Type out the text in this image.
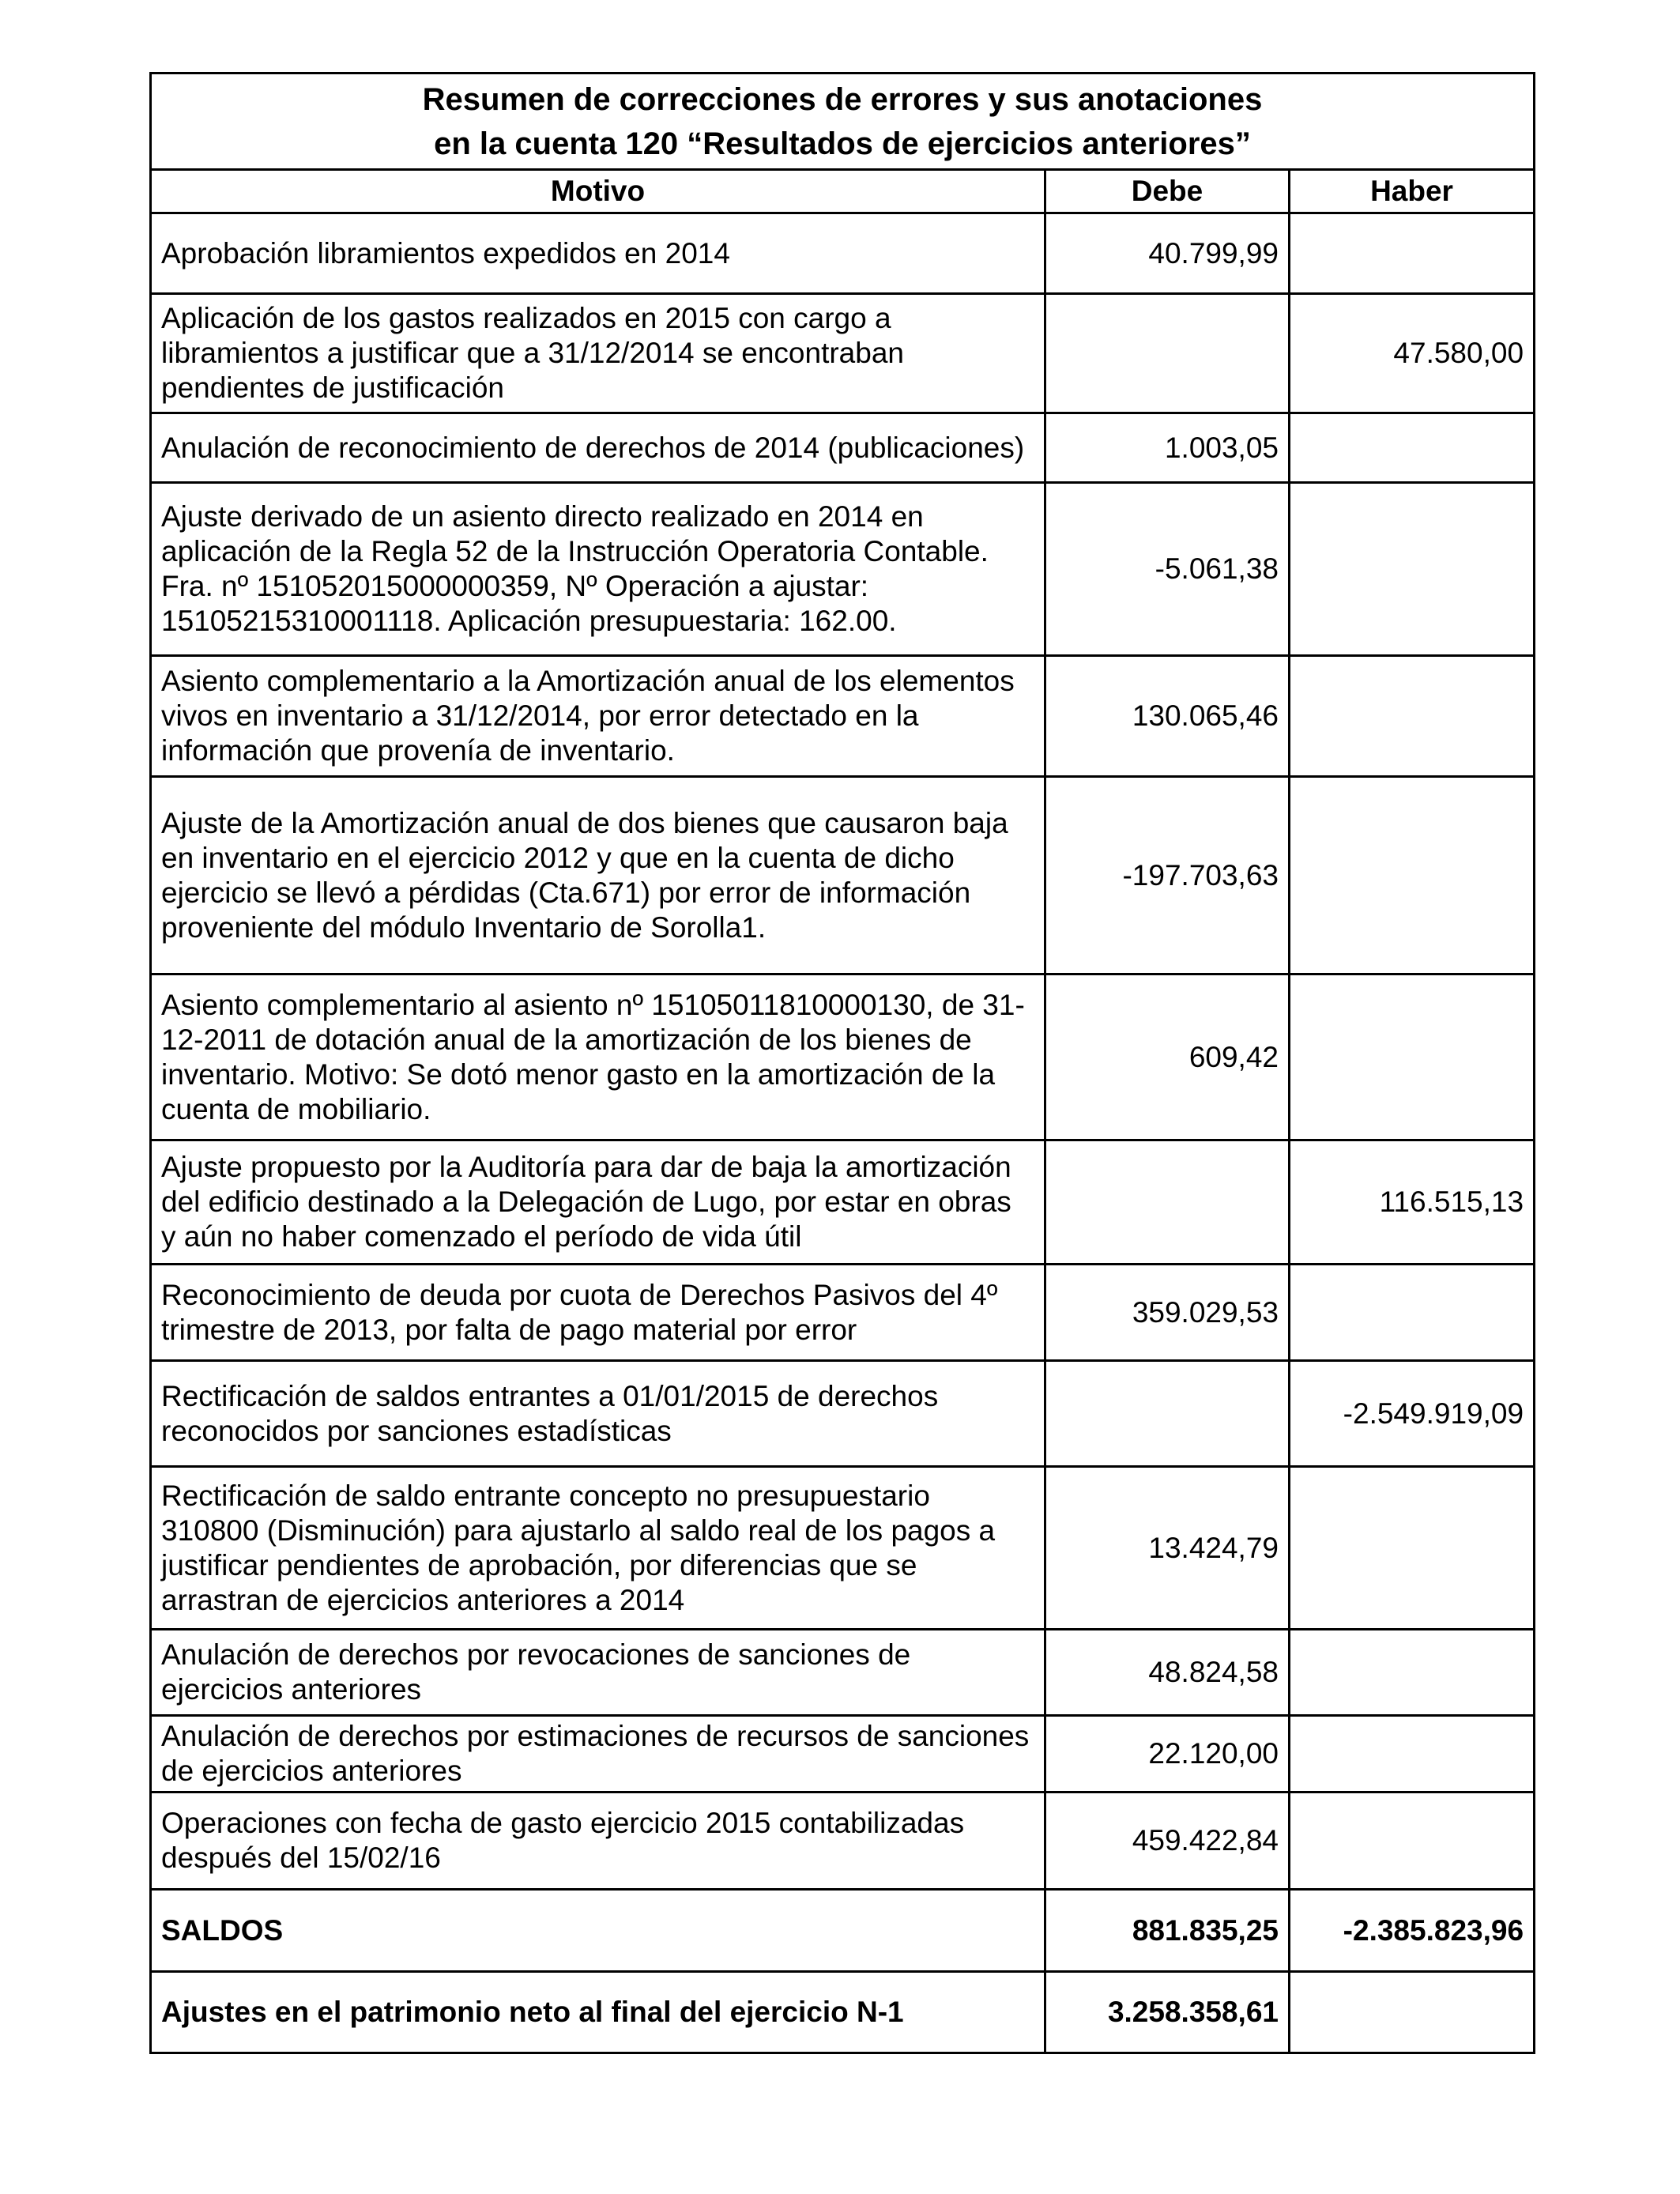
Resumen de correcciones de errores y sus anotaciones
en la cuenta 120 “Resultados de ejercicios anteriores”		

Motivo	Debe	Haber

Aprobación libramientos expedidos en 2014	40.799,99	

Aplicación de los gastos realizados en 2015 con cargo a
libramientos a justificar que a 31/12/2014 se encontraban
pendientes de justificación		47.580,00

Anulación de reconocimiento de derechos de 2014 (publicaciones)	1.003,05	

Ajuste derivado de un asiento directo realizado en 2014 en
aplicación de la Regla 52 de la Instrucción Operatoria Contable.
Fra. nº 151052015000000359, Nº Operación a ajustar:
15105215310001118. Aplicación presupuestaria: 162.00.	-5.061,38	

Asiento complementario a la Amortización anual de los elementos
vivos en inventario a 31/12/2014, por error detectado en la
información que provenía de inventario.	130.065,46	

Ajuste de la Amortización anual de dos bienes que causaron baja
en inventario en el ejercicio 2012 y que en la cuenta de dicho
ejercicio se llevó a pérdidas (Cta.671) por error de información
proveniente del módulo Inventario de Sorolla1.	-197.703,63	

Asiento complementario al asiento nº 15105011810000130, de 31-
12-2011 de dotación anual de la amortización de los bienes de
inventario. Motivo: Se dotó menor gasto en la amortización de la
cuenta de mobiliario.	609,42	

Ajuste propuesto por la Auditoría para dar de baja la amortización
del edificio destinado a la Delegación de Lugo, por estar en obras
y aún no haber comenzado el período de vida útil		116.515,13

Reconocimiento de deuda por cuota de Derechos Pasivos del 4º
trimestre de 2013, por falta de pago material por error	359.029,53	

Rectificación de saldos entrantes a 01/01/2015 de derechos
reconocidos por sanciones estadísticas		-2.549.919,09

Rectificación de saldo entrante concepto no presupuestario
310800 (Disminución) para ajustarlo al saldo real de los pagos a
justificar pendientes de aprobación, por diferencias que se
arrastran de ejercicios anteriores a 2014	13.424,79	

Anulación de derechos por revocaciones de sanciones de
ejercicios anteriores	48.824,58	

Anulación de derechos por estimaciones de recursos de sanciones
de ejercicios anteriores	22.120,00	

Operaciones con fecha de gasto ejercicio 2015 contabilizadas
después del 15/02/16	459.422,84	
SALDOS	881.835,25	-2.385.823,96
Ajustes en el patrimonio neto al final del ejercicio N-1	3.258.358,61	
